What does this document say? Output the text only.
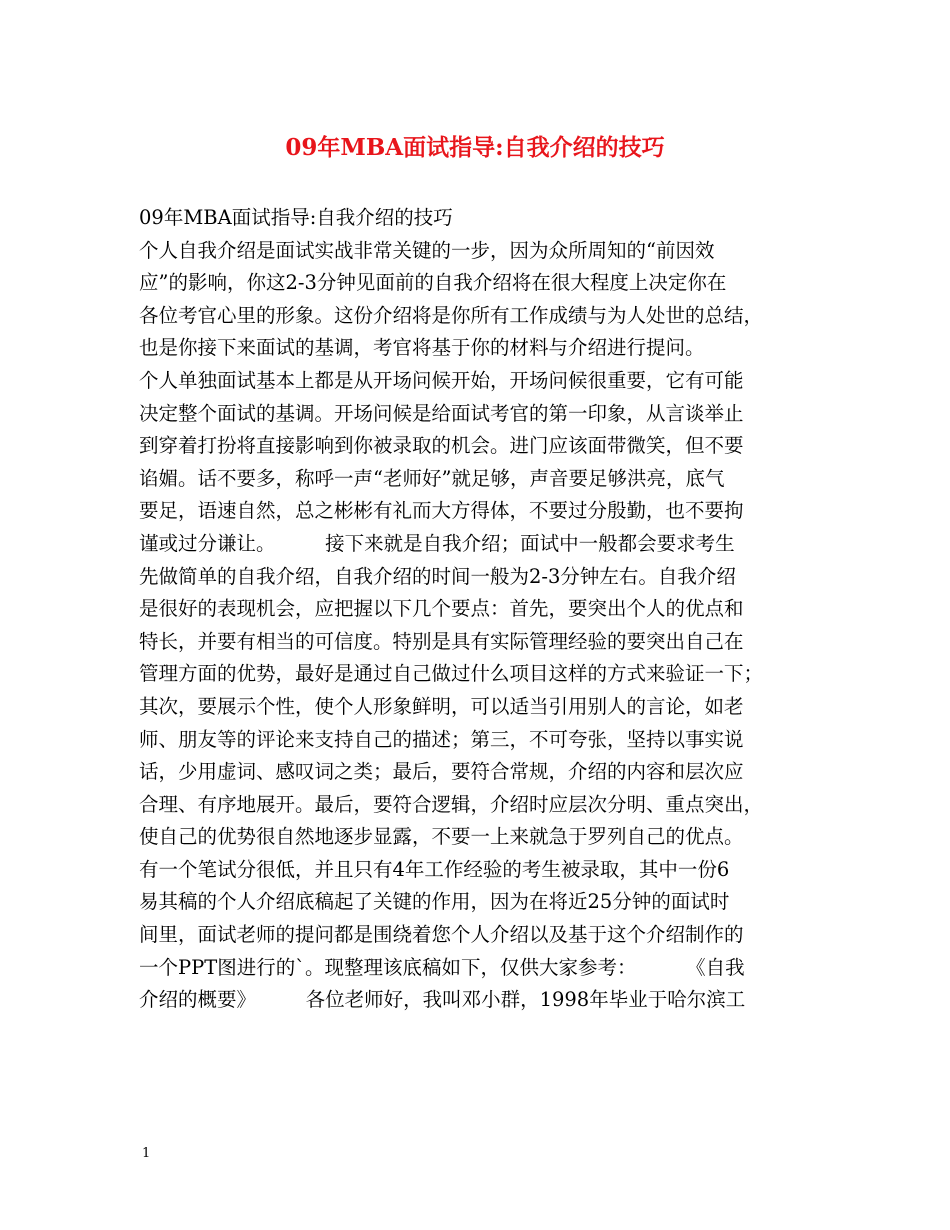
09年MBA面试指导:自我介绍的技巧
09年MBA面试指导:自我介绍的技巧
个人自我介绍是面试实战非常关键的一步，因为众所周知的“前因效
应”的影响，你这2-3分钟见面前的自我介绍将在很大程度上决定你在
各位考官心里的形象。这份介绍将是你所有工作成绩与为人处世的总结，
也是你接下来面试的基调，考官将基于你的材料与介绍进行提问。
个人单独面试基本上都是从开场问候开始，开场问候很重要，它有可能
决定整个面试的基调。开场问候是给面试考官的第一印象，从言谈举止
到穿着打扮将直接影响到你被录取的机会。进门应该面带微笑，但不要
谄媚。话不要多，称呼一声“老师好”就足够，声音要足够洪亮，底气
要足，语速自然，总之彬彬有礼而大方得体，不要过分殷勤，也不要拘
谨或过分谦让。        接下来就是自我介绍；面试中一般都会要求考生
先做简单的自我介绍，自我介绍的时间一般为2-3分钟左右。自我介绍
是很好的表现机会，应把握以下几个要点：首先，要突出个人的优点和
特长，并要有相当的可信度。特别是具有实际管理经验的要突出自己在
管理方面的优势，最好是通过自己做过什么项目这样的方式来验证一下；
其次，要展示个性，使个人形象鲜明，可以适当引用别人的言论，如老
师、朋友等的评论来支持自己的描述；第三，不可夸张，坚持以事实说
话，少用虚词、感叹词之类；最后，要符合常规，介绍的内容和层次应
合理、有序地展开。最后，要符合逻辑，介绍时应层次分明、重点突出，
使自己的优势很自然地逐步显露，不要一上来就急于罗列自己的优点。
有一个笔试分很低，并且只有4年工作经验的考生被录取，其中一份6
易其稿的个人介绍底稿起了关键的作用，因为在将近25分钟的面试时
间里，面试老师的提问都是围绕着您个人介绍以及基于这个介绍制作的
一个PPT图进行的`。现整理该底稿如下，仅供大家参考：        《自我
介绍的概要》        各位老师好，我叫邓小群，1998年毕业于哈尔滨工
1
